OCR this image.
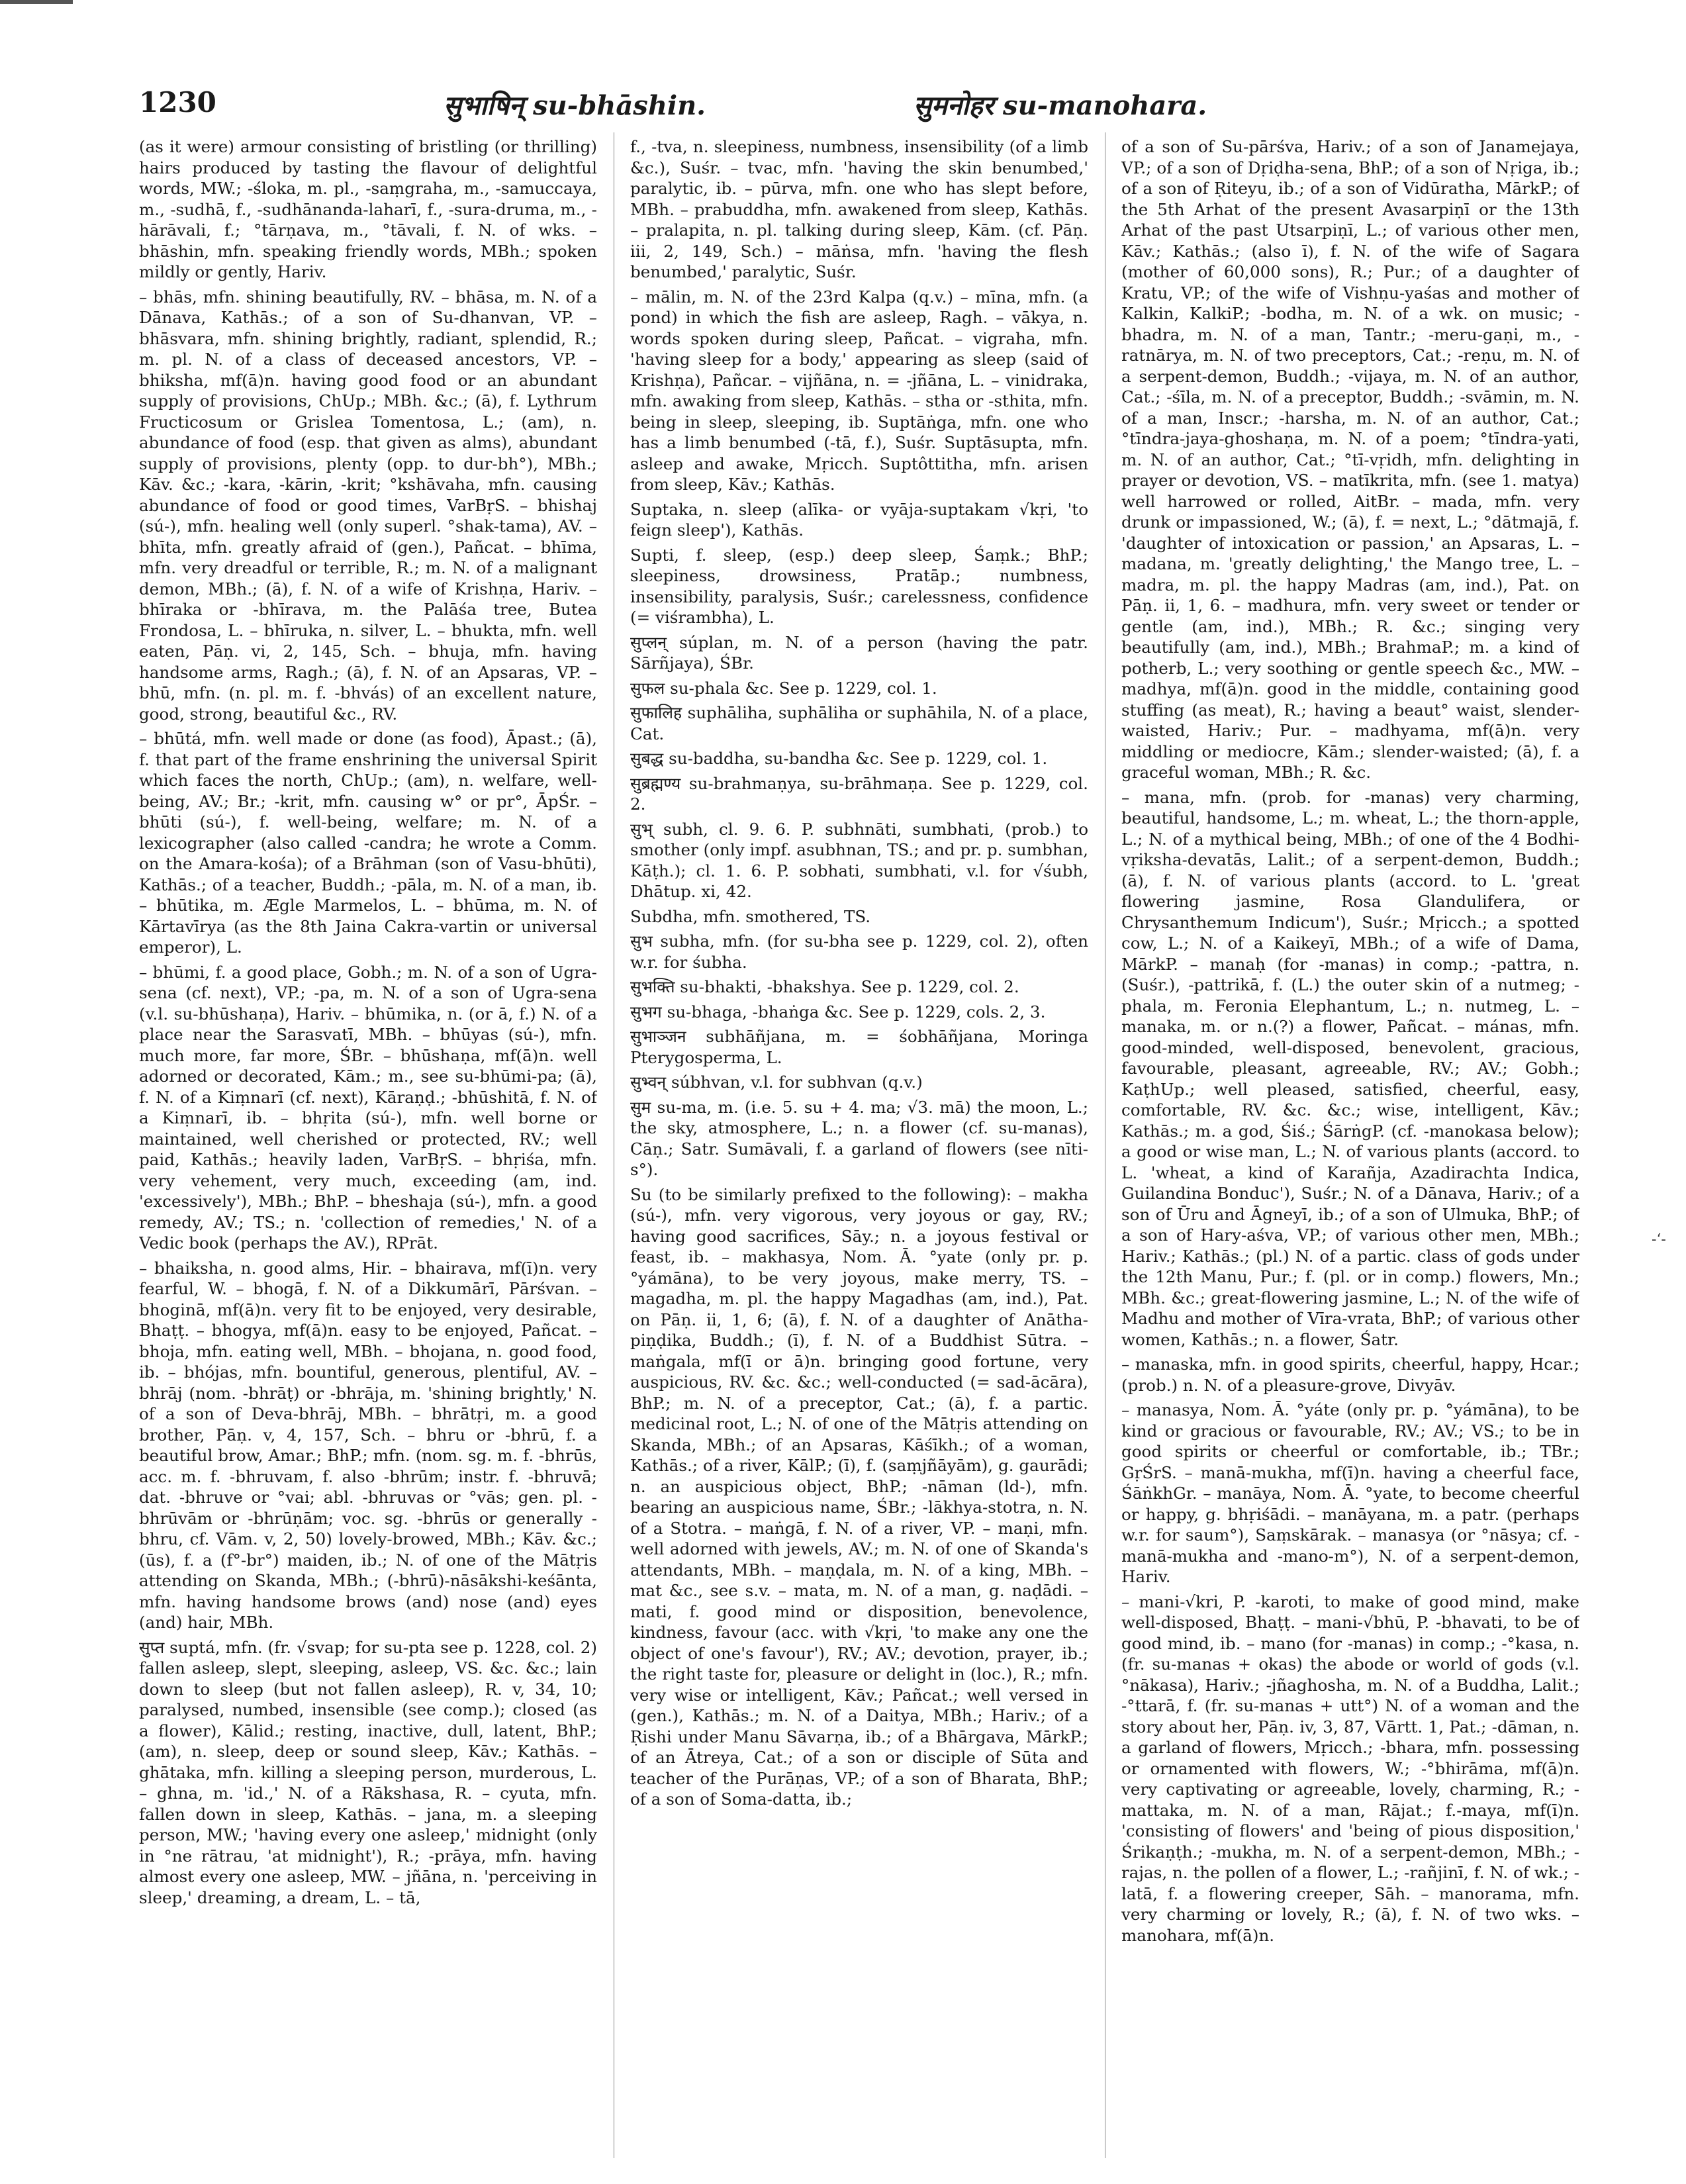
1230	सुभाषिन् su-bhāshin.	सुमनोहर su-manohara.

(as it were) armour consisting of bristling (or thrilling) hairs produced by tasting the flavour of delightful words, MW.; -śloka, m. pl., -saṃgraha, m., -samuccaya, m., -sudhā, f., -sudhānanda-laharī, f., -sura-druma, m., -hārāvali, f.; °tārṇava, m., °tāvali, f. N. of wks. – bhāshin, mfn. speaking friendly words, MBh.; spoken mildly or gently, Hariv.

– bhās, mfn. shining beautifully, RV. – bhāsa, m. N. of a Dānava, Kathās.; of a son of Su-dhanvan, VP. – bhāsvara, mfn. shining brightly, radiant, splendid, R.; m. pl. N. of a class of deceased ancestors, VP. – bhiksha, mf(ā)n. having good food or an abundant supply of provisions, ChUp.; MBh. &c.; (ā), f. Lythrum Fructicosum or Grislea Tomentosa, L.; (am), n. abundance of food (esp. that given as alms), abundant supply of provisions, plenty (opp. to dur-bh°), MBh.; Kāv. &c.; -kara, -kārin, -krit; °kshāvaha, mfn. causing abundance of food or good times, VarBṛS. – bhishaj (sú-), mfn. healing well (only superl. °shak-tama), AV. – bhīta, mfn. greatly afraid of (gen.), Pañcat. – bhīma, mfn. very dreadful or terrible, R.; m. N. of a malignant demon, MBh.; (ā), f. N. of a wife of Krishṇa, Hariv. – bhīraka or -bhīrava, m. the Palāśa tree, Butea Frondosa, L. – bhīruka, n. silver, L. – bhukta, mfn. well eaten, Pāṇ. vi, 2, 145, Sch. – bhuja, mfn. having handsome arms, Ragh.; (ā), f. N. of an Apsaras, VP. – bhū, mfn. (n. pl. m. f. -bhvás) of an excellent nature, good, strong, beautiful &c., RV.

– bhūtá, mfn. well made or done (as food), Āpast.; (ā), f. that part of the frame enshrining the universal Spirit which faces the north, ChUp.; (am), n. welfare, well-being, AV.; Br.; -krit, mfn. causing w° or pr°, ĀpŚr. – bhūti (sú-), f. well-being, welfare; m. N. of a lexicographer (also called -candra; he wrote a Comm. on the Amara-kośa); of a Brāhman (son of Vasu-bhūti), Kathās.; of a teacher, Buddh.; -pāla, m. N. of a man, ib. – bhūtika, m. Ægle Marmelos, L. – bhūma, m. N. of Kārtavīrya (as the 8th Jaina Cakra-vartin or universal emperor), L.

– bhūmi, f. a good place, Gobh.; m. N. of a son of Ugra-sena (cf. next), VP.; -pa, m. N. of a son of Ugra-sena (v.l. su-bhūshaṇa), Hariv. – bhūmika, n. (or ā, f.) N. of a place near the Sarasvatī, MBh. – bhūyas (sú-), mfn. much more, far more, ŚBr. – bhūshaṇa, mf(ā)n. well adorned or decorated, Kām.; m., see su-bhūmi-pa; (ā), f. N. of a Kiṃnarī (cf. next), Kāraṇḍ.; -bhūshitā, f. N. of a Kiṃnarī, ib. – bhṛita (sú-), mfn. well borne or maintained, well cherished or protected, RV.; well paid, Kathās.; heavily laden, VarBṛS. – bhṛiśa, mfn. very vehement, very much, exceeding (am, ind. 'excessively'), MBh.; BhP. – bheshaja (sú-), mfn. a good remedy, AV.; TS.; n. 'collection of remedies,' N. of a Vedic book (perhaps the AV.), RPrāt.

– bhaiksha, n. good alms, Hir. – bhairava, mf(ī)n. very fearful, W. – bhogā, f. N. of a Dikkumārī, Pārśvan. – bhoginā, mf(ā)n. very fit to be enjoyed, very desirable, Bhaṭṭ. – bhogya, mf(ā)n. easy to be enjoyed, Pañcat. – bhoja, mfn. eating well, MBh. – bhojana, n. good food, ib. – bhójas, mfn. bountiful, generous, plentiful, AV. – bhrāj (nom. -bhrāṭ) or -bhrāja, m. 'shining brightly,' N. of a son of Deva-bhrāj, MBh. – bhrātṛi, m. a good brother, Pāṇ. v, 4, 157, Sch. – bhru or -bhrū, f. a beautiful brow, Amar.; BhP.; mfn. (nom. sg. m. f. -bhrūs, acc. m. f. -bhruvam, f. also -bhrūm; instr. f. -bhruvā; dat. -bhruve or °vai; abl. -bhruvas or °vās; gen. pl. -bhrūvām or -bhrūṇām; voc. sg. -bhrūs or generally -bhru, cf. Vām. v, 2, 50) lovely-browed, MBh.; Kāv. &c.; (ūs), f. a (f°-br°) maiden, ib.; N. of one of the Mātṛis attending on Skanda, MBh.; (-bhrū)-nāsākshi-keśānta, mfn. having handsome brows (and) nose (and) eyes (and) hair, MBh.

सुप्त suptá, mfn. (fr. √svap; for su-pta see p. 1228, col. 2) fallen asleep, slept, sleeping, asleep, VS. &c. &c.; lain down to sleep (but not fallen asleep), R. v, 34, 10; paralysed, numbed, insensible (see comp.); closed (as a flower), Kālid.; resting, inactive, dull, latent, BhP.; (am), n. sleep, deep or sound sleep, Kāv.; Kathās. – ghātaka, mfn. killing a sleeping person, murderous, L. – ghna, m. 'id.,' N. of a Rākshasa, R. – cyuta, mfn. fallen down in sleep, Kathās. – jana, m. a sleeping person, MW.; 'having every one asleep,' midnight (only in °ne rātrau, 'at midnight'), R.; -prāya, mfn. having almost every one asleep, MW. – jñāna, n. 'perceiving in sleep,' dreaming, a dream, L. – tā,

f., -tva, n. sleepiness, numbness, insensibility (of a limb &c.), Suśr. – tvac, mfn. 'having the skin benumbed,' paralytic, ib. – pūrva, mfn. one who has slept before, MBh. – prabuddha, mfn. awakened from sleep, Kathās. – pralapita, n. pl. talking during sleep, Kām. (cf. Pāṇ. iii, 2, 149, Sch.) – māṅsa, mfn. 'having the flesh benumbed,' paralytic, Suśr.

– mālin, m. N. of the 23rd Kalpa (q.v.) – mīna, mfn. (a pond) in which the fish are asleep, Ragh. – vākya, n. words spoken during sleep, Pañcat. – vigraha, mfn. 'having sleep for a body,' appearing as sleep (said of Krishṇa), Pañcar. – vijñāna, n. = -jñāna, L. – vinidraka, mfn. awaking from sleep, Kathās. – stha or -sthita, mfn. being in sleep, sleeping, ib. Suptāṅga, mfn. one who has a limb benumbed (-tā, f.), Suśr. Suptāsupta, mfn. asleep and awake, Mṛicch. Suptôttitha, mfn. arisen from sleep, Kāv.; Kathās.

Suptaka, n. sleep (alīka- or vyāja-suptakam √kṛi, 'to feign sleep'), Kathās.

Supti, f. sleep, (esp.) deep sleep, Śaṃk.; BhP.; sleepiness, drowsiness, Pratāp.; numbness, insensibility, paralysis, Suśr.; carelessness, confidence (= viśrambha), L.

सुप्लन् súplan, m. N. of a person (having the patr. Sārñjaya), ŚBr.

सुफल su-phala &c. See p. 1229, col. 1.

सुफालिह suphāliha, suphāliha or suphāhila, N. of a place, Cat.

सुबद्ध su-baddha, su-bandha &c. See p. 1229, col. 1.

सुब्रह्मण्य su-brahmaṇya, su-brāhmaṇa. See p. 1229, col. 2.

सुभ् subh, cl. 9. 6. P. subhnāti, sumbhati, (prob.) to smother (only impf. asubhnan, TS.; and pr. p. sumbhan, Kāṭh.); cl. 1. 6. P. sobhati, sumbhati, v.l. for √śubh, Dhātup. xi, 42.

Subdha, mfn. smothered, TS.

सुभ subha, mfn. (for su-bha see p. 1229, col. 2), often w.r. for śubha.

सुभक्ति su-bhakti, -bhakshya. See p. 1229, col. 2.

सुभग su-bhaga, -bhaṅga &c. See p. 1229, cols. 2, 3.

सुभाञ्जन subhāñjana, m. = śobhāñjana, Moringa Pterygosperma, L.

सुभ्वन् súbhvan, v.l. for subhvan (q.v.)

सुम su-ma, m. (i.e. 5. su + 4. ma; √3. mā) the moon, L.; the sky, atmosphere, L.; n. a flower (cf. su-manas), Cāṇ.; Satr. Sumāvali, f. a garland of flowers (see nīti-s°).

Su (to be similarly prefixed to the following): – makha (sú-), mfn. very vigorous, very joyous or gay, RV.; having good sacrifices, Sāy.; n. a joyous festival or feast, ib. – makhasya, Nom. Ā. °yate (only pr. p. °yámāna), to be very joyous, make merry, TS. – magadha, m. pl. the happy Magadhas (am, ind.), Pat. on Pāṇ. ii, 1, 6; (ā), f. N. of a daughter of Anātha-piṇḍika, Buddh.; (ī), f. N. of a Buddhist Sūtra. – maṅgala, mf(ī or ā)n. bringing good fortune, very auspicious, RV. &c. &c.; well-conducted (= sad-ācāra), BhP.; m. N. of a preceptor, Cat.; (ā), f. a partic. medicinal root, L.; N. of one of the Mātṛis attending on Skanda, MBh.; of an Apsaras, Kāśīkh.; of a woman, Kathās.; of a river, KālP.; (ī), f. (saṃjñāyām), g. gaurādi; n. an auspicious object, BhP.; -nāman (ld-), mfn. bearing an auspicious name, ŚBr.; -lākhya-stotra, n. N. of a Stotra. – maṅgā, f. N. of a river, VP. – maṇi, mfn. well adorned with jewels, AV.; m. N. of one of Skanda's attendants, MBh. – maṇḍala, m. N. of a king, MBh. – mat &c., see s.v. – mata, m. N. of a man, g. naḍādi. – mati, f. good mind or disposition, benevolence, kindness, favour (acc. with √kṛi, 'to make any one the object of one's favour'), RV.; AV.; devotion, prayer, ib.; the right taste for, pleasure or delight in (loc.), R.; mfn. very wise or intelligent, Kāv.; Pañcat.; well versed in (gen.), Kathās.; m. N. of a Daitya, MBh.; Hariv.; of a Ṛishi under Manu Sāvarṇa, ib.; of a Bhārgava, MārkP.; of an Ātreya, Cat.; of a son or disciple of Sūta and teacher of the Purāṇas, VP.; of a son of Bharata, BhP.; of a son of Soma-datta, ib.;

of a son of Su-pārśva, Hariv.; of a son of Janamejaya, VP.; of a son of Dṛiḍha-sena, BhP.; of a son of Nṛiga, ib.; of a son of Ṛiteyu, ib.; of a son of Vidūratha, MārkP.; of the 5th Arhat of the present Avasarpiṇī or the 13th Arhat of the past Utsarpiṇī, L.; of various other men, Kāv.; Kathās.; (also ī), f. N. of the wife of Sagara (mother of 60,000 sons), R.; Pur.; of a daughter of Kratu, VP.; of the wife of Vishṇu-yaśas and mother of Kalkin, KalkiP.; -bodha, m. N. of a wk. on music; -bhadra, m. N. of a man, Tantr.; -meru-gaṇi, m., -ratnārya, m. N. of two preceptors, Cat.; -reṇu, m. N. of a serpent-demon, Buddh.; -vijaya, m. N. of an author, Cat.; -śīla, m. N. of a preceptor, Buddh.; -svāmin, m. N. of a man, Inscr.; -harsha, m. N. of an author, Cat.; °tīndra-jaya-ghoshaṇa, m. N. of a poem; °tīndra-yati, m. N. of an author, Cat.; °tī-vṛidh, mfn. delighting in prayer or devotion, VS. – matīkrita, mfn. (see 1. matya) well harrowed or rolled, AitBr. – mada, mfn. very drunk or impassioned, W.; (ā), f. = next, L.; °dātmajā, f. 'daughter of intoxication or passion,' an Apsaras, L. – madana, m. 'greatly delighting,' the Mango tree, L. – madra, m. pl. the happy Madras (am, ind.), Pat. on Pāṇ. ii, 1, 6. – madhura, mfn. very sweet or tender or gentle (am, ind.), MBh.; R. &c.; singing very beautifully (am, ind.), MBh.; BrahmaP.; m. a kind of potherb, L.; very soothing or gentle speech &c., MW. – madhya, mf(ā)n. good in the middle, containing good stuffing (as meat), R.; having a beaut° waist, slender-waisted, Hariv.; Pur. – madhyama, mf(ā)n. very middling or mediocre, Kām.; slender-waisted; (ā), f. a graceful woman, MBh.; R. &c.

– mana, mfn. (prob. for -manas) very charming, beautiful, handsome, L.; m. wheat, L.; the thorn-apple, L.; N. of a mythical being, MBh.; of one of the 4 Bodhi-vṛiksha-devatās, Lalit.; of a serpent-demon, Buddh.; (ā), f. N. of various plants (accord. to L. 'great flowering jasmine, Rosa Glandulifera, or Chrysanthemum Indicum'), Suśr.; Mṛicch.; a spotted cow, L.; N. of a Kaikeyī, MBh.; of a wife of Dama, MārkP. – manaḥ (for -manas) in comp.; -pattra, n. (Suśr.), -pattrikā, f. (L.) the outer skin of a nutmeg; -phala, m. Feronia Elephantum, L.; n. nutmeg, L. – manaka, m. or n.(?) a flower, Pañcat. – mánas, mfn. good-minded, well-disposed, benevolent, gracious, favourable, pleasant, agreeable, RV.; AV.; Gobh.; KaṭhUp.; well pleased, satisfied, cheerful, easy, comfortable, RV. &c. &c.; wise, intelligent, Kāv.; Kathās.; m. a god, Śiś.; ŚārṅgP. (cf. -manokasa below); a good or wise man, L.; N. of various plants (accord. to L. 'wheat, a kind of Karañja, Azadirachta Indica, Guilandina Bonduc'), Suśr.; N. of a Dānava, Hariv.; of a son of Ūru and Āgneyī, ib.; of a son of Ulmuka, BhP.; of a son of Hary-aśva, VP.; of various other men, MBh.; Hariv.; Kathās.; (pl.) N. of a partic. class of gods under the 12th Manu, Pur.; f. (pl. or in comp.) flowers, Mn.; MBh. &c.; great-flowering jasmine, L.; N. of the wife of Madhu and mother of Vīra-vrata, BhP.; of various other women, Kathās.; n. a flower, Śatr.

– manaska, mfn. in good spirits, cheerful, happy, Hcar.; (prob.) n. N. of a pleasure-grove, Divyāv.

– manasya, Nom. Ā. °yáte (only pr. p. °yámāna), to be kind or gracious or favourable, RV.; AV.; VS.; to be in good spirits or cheerful or comfortable, ib.; TBr.; GṛŚrS. – manā-mukha, mf(ī)n. having a cheerful face, ŚāṅkhGr. – manāya, Nom. Ā. °yate, to become cheerful or happy, g. bhṛiśādi. – manāyana, m. a patr. (perhaps w.r. for saum°), Saṃskārak. – manasya (or °nāsya; cf. -manā-mukha and -mano-m°), N. of a serpent-demon, Hariv.

– mani-√kri, P. -karoti, to make of good mind, make well-disposed, Bhaṭṭ. – mani-√bhū, P. -bhavati, to be of good mind, ib. – mano (for -manas) in comp.; -°kasa, n. (fr. su-manas + okas) the abode or world of gods (v.l. °nākasa), Hariv.; -jñaghosha, m. N. of a Buddha, Lalit.; -°ttarā, f. (fr. su-manas + utt°) N. of a woman and the story about her, Pāṇ. iv, 3, 87, Vārtt. 1, Pat.; -dāman, n. a garland of flowers, Mṛicch.; -bhara, mfn. possessing or ornamented with flowers, W.; -°bhirāma, mf(ā)n. very captivating or agreeable, lovely, charming, R.; -mattaka, m. N. of a man, Rājat.; f.-maya, mf(ī)n. 'consisting of flowers' and 'being of pious disposition,' Śrikaṇṭh.; -mukha, m. N. of a serpent-demon, MBh.; -rajas, n. the pollen of a flower, L.; -rañjinī, f. N. of wk.; -latā, f. a flowering creeper, Sāh. – manorama, mfn. very charming or lovely, R.; (ā), f. N. of two wks. – manohara, mf(ā)n.

-ʻ-
